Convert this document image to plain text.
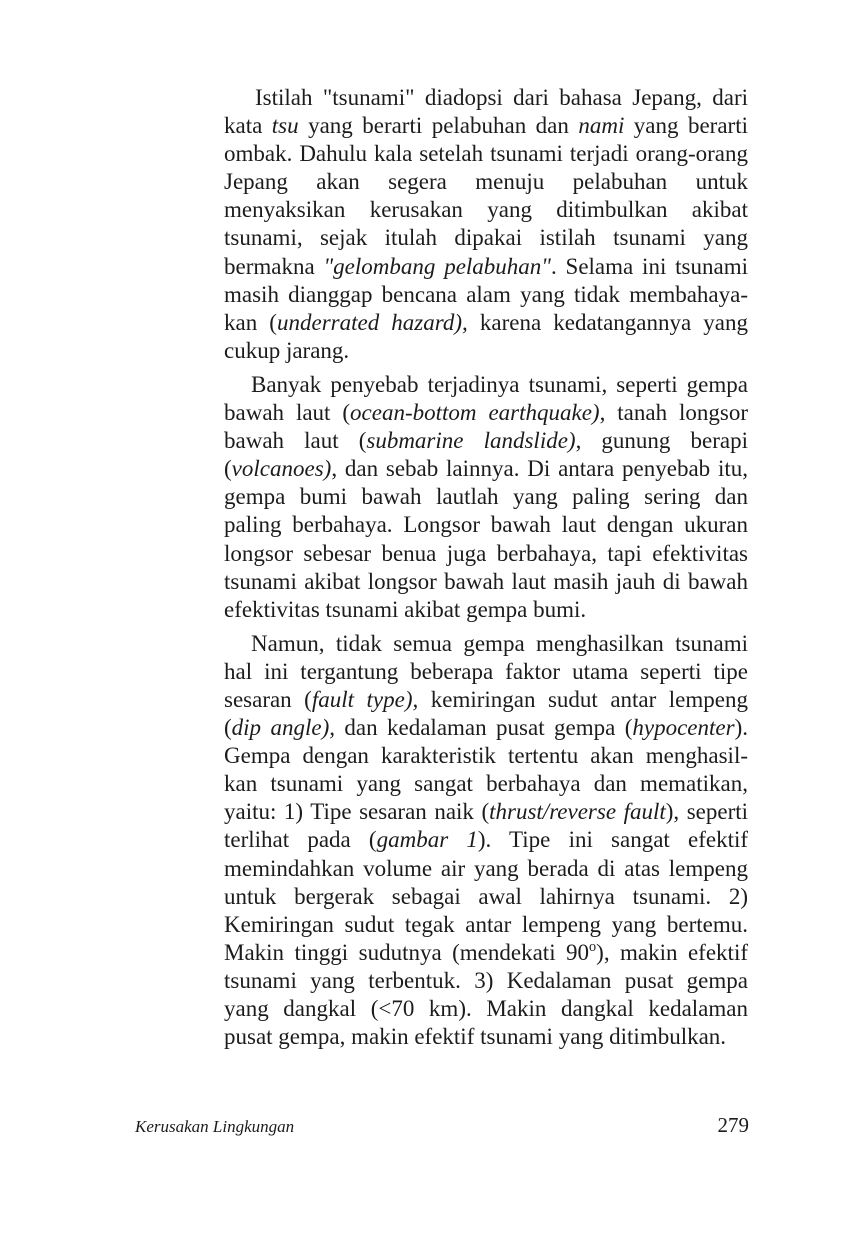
Istilah "tsunami" diadopsi dari bahasa Jepang, dari kata tsu yang berarti pelabuhan dan nami yang berarti ombak. Dahulu kala setelah tsunami terjadi orang-orang Jepang akan segera menuju pelabuhan untuk menyaksikan kerusakan yang ditimbulkan akibat tsunami, sejak itulah dipakai istilah tsunami yang bermakna "gelombang pelabuhan". Selama ini tsunami masih dianggap bencana alam yang tidak membahaya-kan (underrated hazard), karena kedatangannya yang cukup jarang.

Banyak penyebab terjadinya tsunami, seperti gempa bawah laut (ocean-bottom earthquake), tanah longsor bawah laut (submarine landslide), gunung berapi (volcanoes), dan sebab lainnya. Di antara penyebab itu, gempa bumi bawah lautlah yang paling sering dan paling berbahaya. Longsor bawah laut dengan ukuran longsor sebesar benua juga berbahaya, tapi efektivitas tsunami akibat longsor bawah laut masih jauh di bawah efektivitas tsunami akibat gempa bumi.

Namun, tidak semua gempa menghasilkan tsunami hal ini tergantung beberapa faktor utama seperti tipe sesaran (fault type), kemiringan sudut antar lempeng (dip angle), dan kedalaman pusat gempa (hypocenter). Gempa dengan karakteristik tertentu akan menghasil-kan tsunami yang sangat berbahaya dan mematikan, yaitu: 1) Tipe sesaran naik (thrust/reverse fault), seperti terlihat pada (gambar 1). Tipe ini sangat efektif memindahkan volume air yang berada di atas lempeng untuk bergerak sebagai awal lahirnya tsunami. 2) Kemiringan sudut tegak antar lempeng yang bertemu. Makin tinggi sudutnya (mendekati 90$^o$), makin efektif tsunami yang terbentuk. 3) Kedalaman pusat gempa yang dangkal (<70 km). Makin dangkal kedalaman pusat gempa, makin efektif tsunami yang ditimbulkan.

Kerusakan Lingkungan	279
